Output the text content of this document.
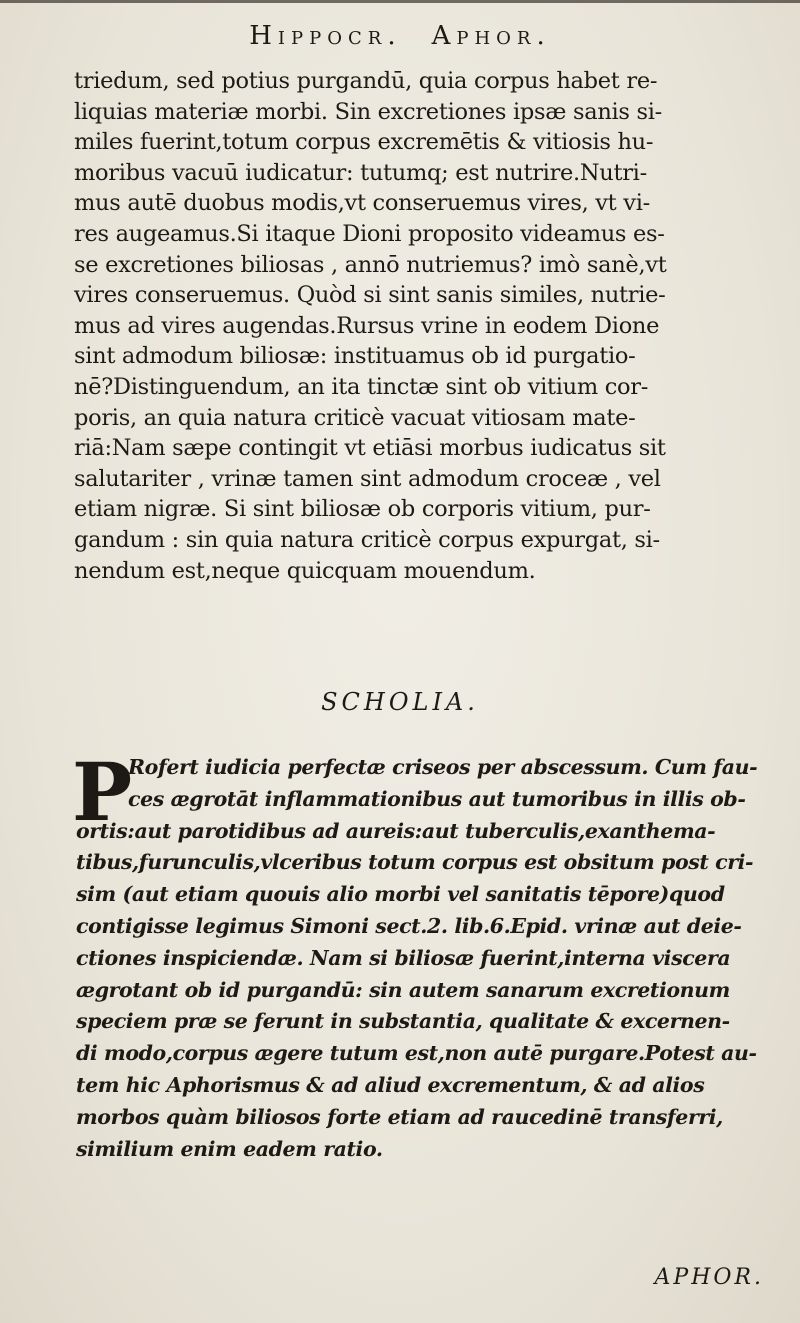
Hippocr. Aphor.
triedum, sed potius purgandū, quia corpus habet re-
liquias materiæ morbi. Sin excretiones ipsæ sanis si-
miles fuerint,totum corpus excremētis & vitiosis hu-
moribus vacuū iudicatur: tutumq; est nutrire.Nutri-
mus autē duobus modis,vt conseruemus vires, vt vi-
res augeamus.Si itaque Dioni proposito videamus es-
se excretiones biliosas , annō nutriemus? imò sanè,vt
vires conseruemus. Quòd si sint sanis similes, nutrie-
mus ad vires augendas.Rursus vrine in eodem Dione
sint admodum biliosæ: instituamus ob id purgatio-
nē?Distinguendum, an ita tinctæ sint ob vitium cor-
poris, an quia natura criticè vacuat vitiosam mate-
riā:Nam sæpe contingit vt etiāsi morbus iudicatus sit
salutariter , vrinæ tamen sint admodum croceæ , vel
etiam nigræ. Si sint biliosæ ob corporis vitium, pur-
gandum : sin quia natura criticè corpus expurgat, si-
nendum est,neque quicquam mouendum.
SCHOLIA.
P
Rofert iudicia perfectæ criseos per abscessum. Cum fau-
ces ægrotāt inflammationibus aut tumoribus in illis ob-
ortis:aut parotidibus ad aureis:aut tuberculis,exanthema-
tibus,furunculis,vlceribus totum corpus est obsitum post cri-
sim (aut etiam quouis alio morbi vel sanitatis tēpore)quod
contigisse legimus Simoni sect.2. lib.6.Epid. vrinæ aut deie-
ctiones inspiciendæ. Nam si biliosæ fuerint,interna viscera
ægrotant ob id purgandū: sin autem sanarum excretionum
speciem præ se ferunt in substantia, qualitate & excernen-
di modo,corpus ægere tutum est,non autē purgare.Potest au-
tem hic Aphorismus & ad aliud excrementum, & ad alios
morbos quàm biliosos forte etiam ad raucedinē transferri,
similium enim eadem ratio.
APHOR.
